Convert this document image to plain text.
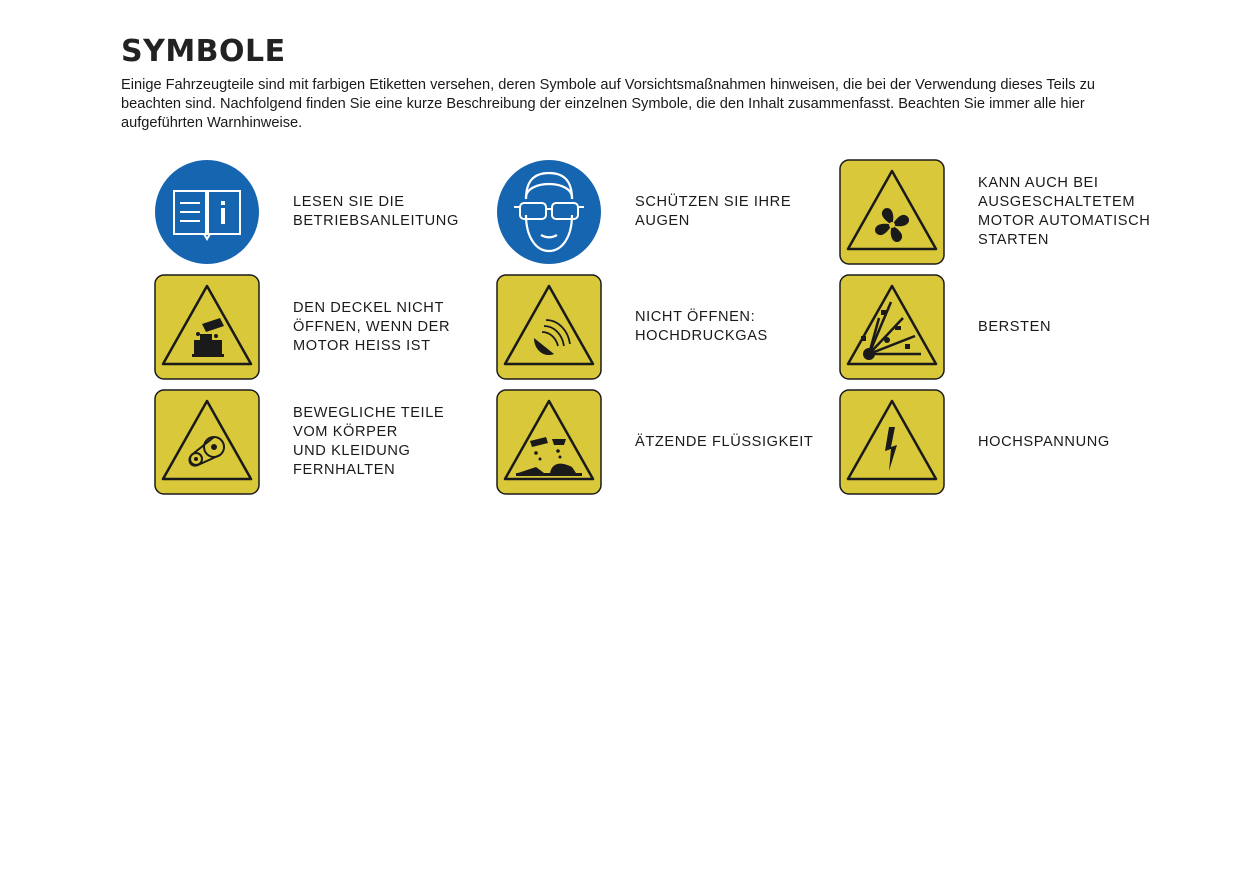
SYMBOLE
Einige Fahrzeugteile sind mit farbigen Etiketten versehen, deren Symbole auf Vorsichtsmaßnahmen hinweisen, die bei der Verwendung dieses Teils zu beachten sind. Nachfolgend finden Sie eine kurze Beschreibung der einzelnen Symbole, die den Inhalt zusammenfasst. Beachten Sie immer alle hier aufgeführten Warnhinweise.
LESEN SIE DIE
BETRIEBSANLEITUNG
SCHÜTZEN SIE IHRE
AUGEN
KANN AUCH BEI
AUSGESCHALTETEM
MOTOR AUTOMATISCH
STARTEN
DEN DECKEL NICHT
ÖFFNEN, WENN DER
MOTOR HEISS IST
NICHT ÖFFNEN:
HOCHDRUCKGAS
BERSTEN
BEWEGLICHE TEILE
VOM KÖRPER
UND KLEIDUNG
FERNHALTEN
ÄTZENDE FLÜSSIGKEIT	HOCHSPANNUNG
